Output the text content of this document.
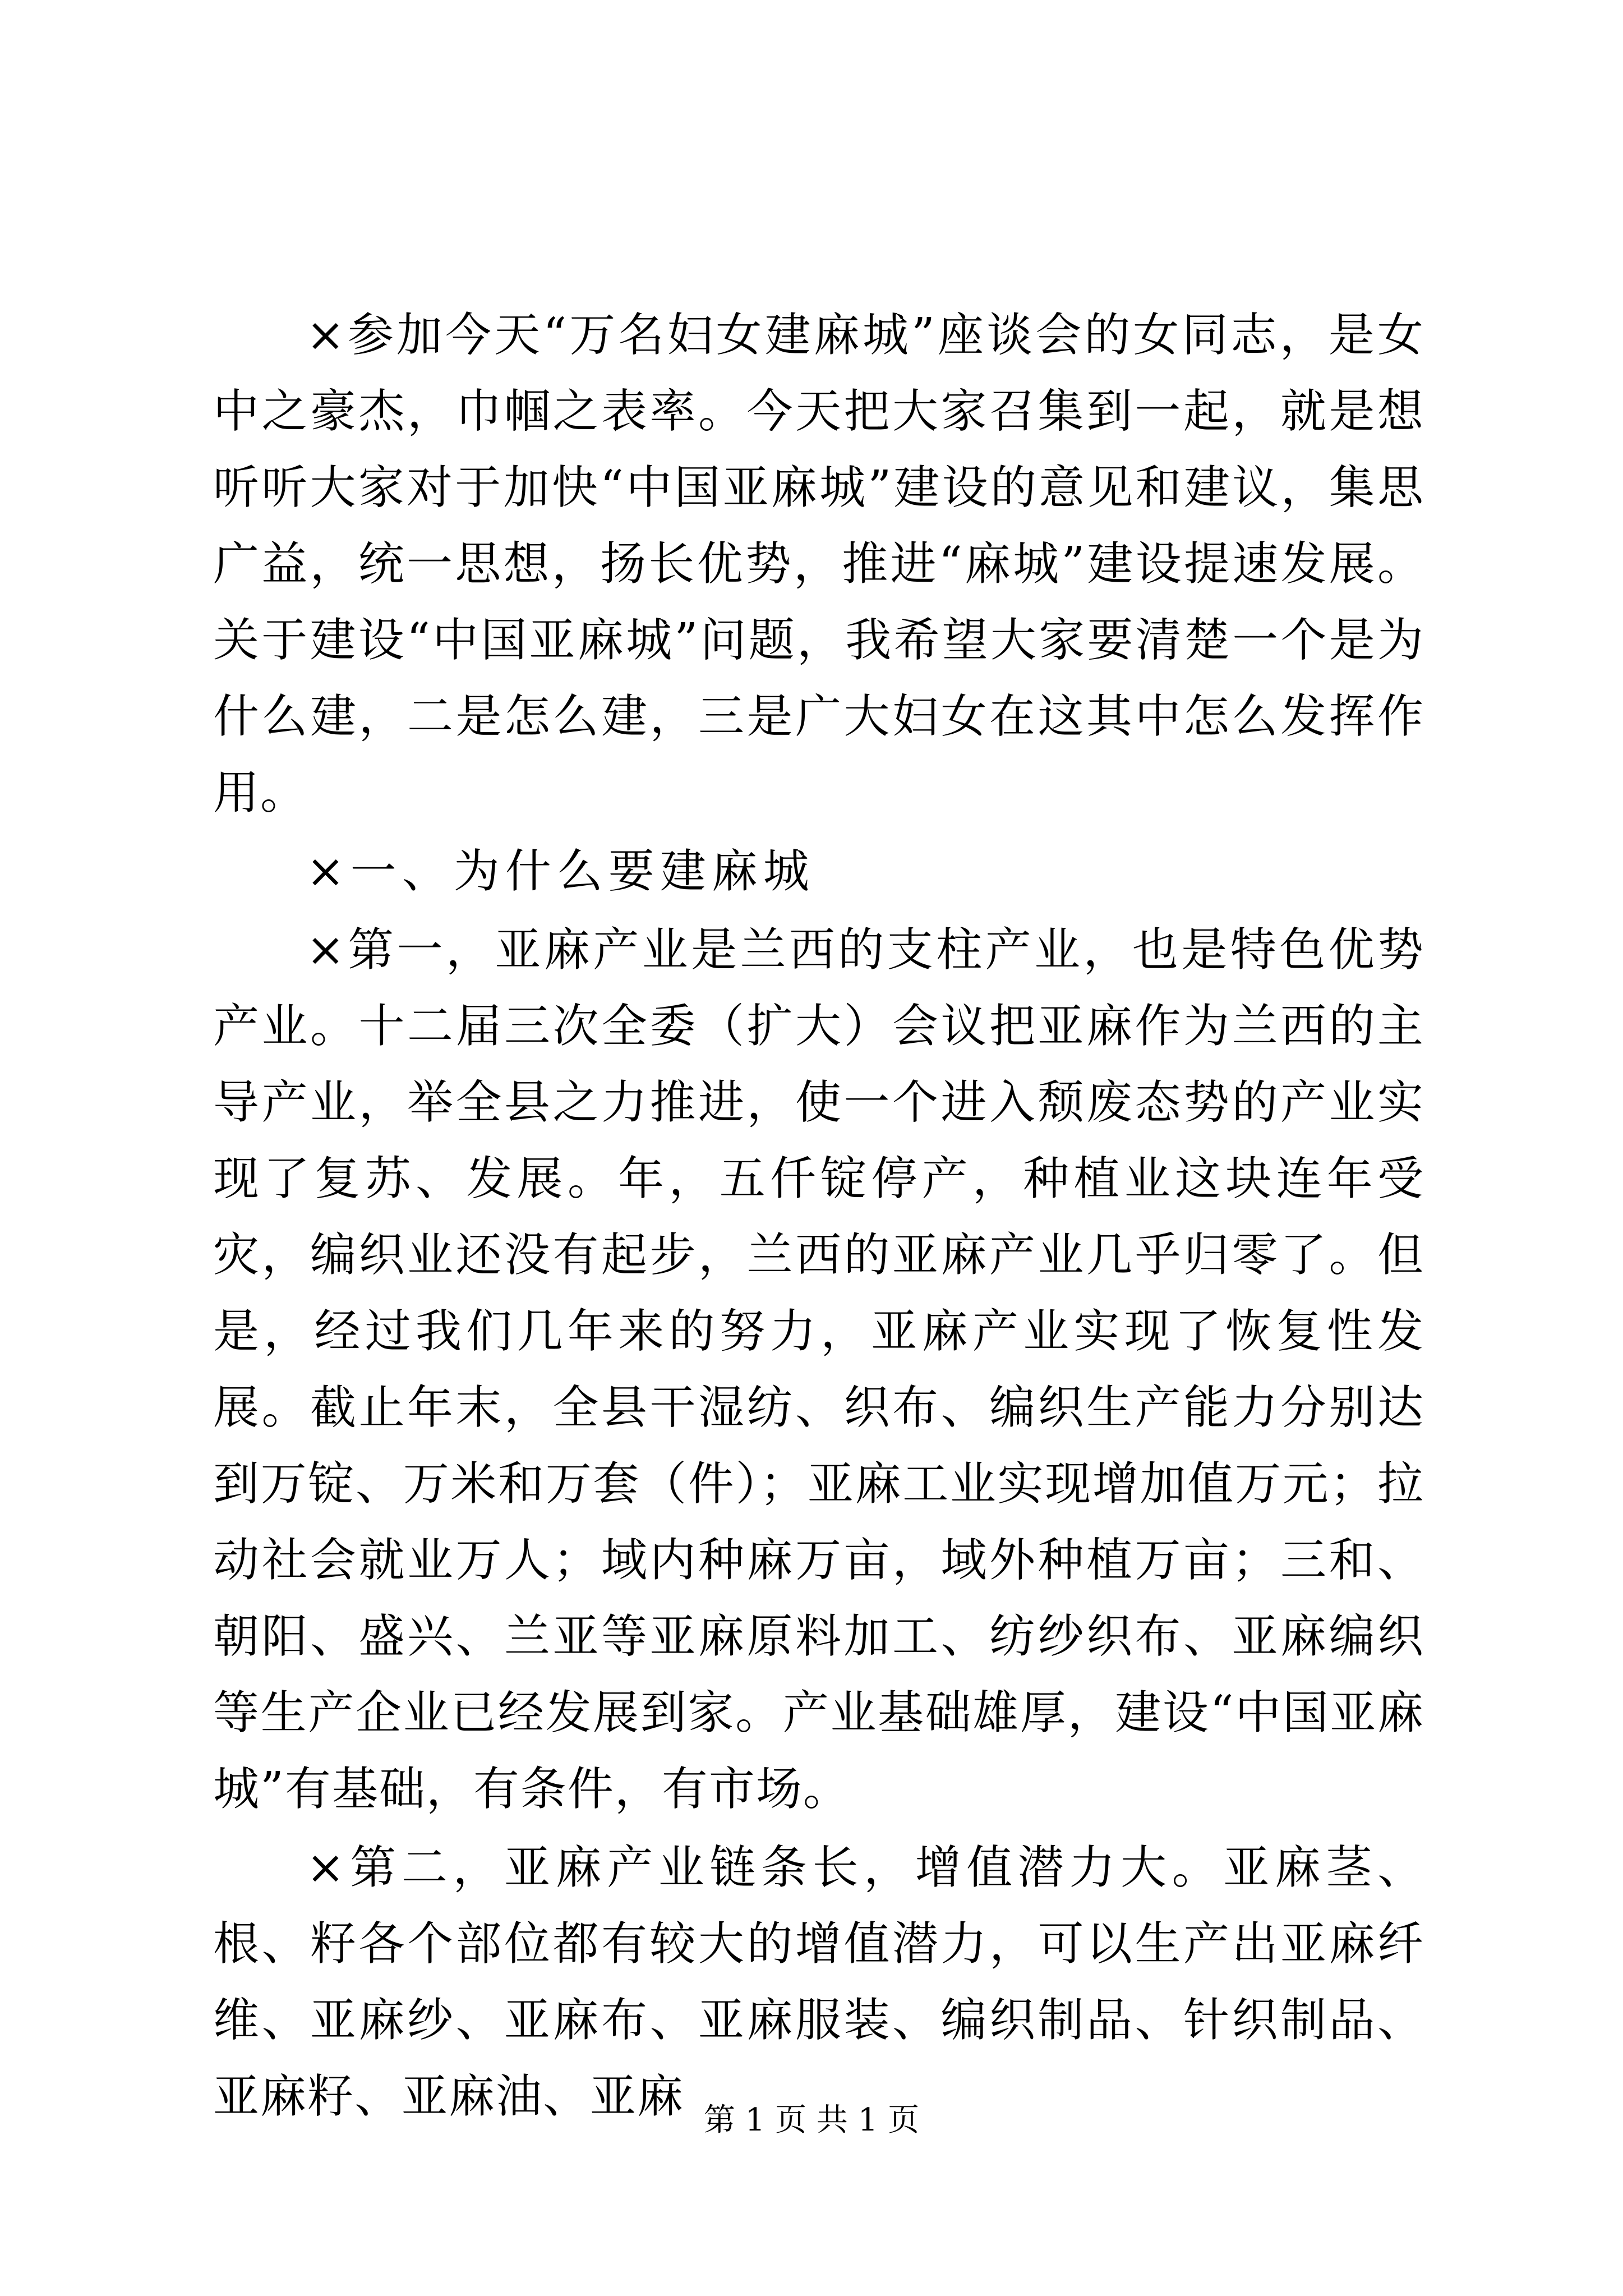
×参加今天“万名妇女建麻城”座谈会的女同志，是女中之豪杰，巾帼之表率。今天把大家召集到一起，就是想听听大家对于加快“中国亚麻城”建设的意见和建议，集思广益，统一思想，扬长优势，推进“麻城”建设提速发展。关于建设“中国亚麻城”问题，我希望大家要清楚一个是为什么建，二是怎么建，三是广大妇女在这其中怎么发挥作用。

×一、为什么要建麻城

×第一，亚麻产业是兰西的支柱产业，也是特色优势产业。十二届三次全委（扩大）会议把亚麻作为兰西的主导产业，举全县之力推进，使一个进入颓废态势的产业实现了复苏、发展。年，五仟锭停产，种植业这块连年受灾，编织业还没有起步，兰西的亚麻产业几乎归零了。但是，经过我们几年来的努力，亚麻产业实现了恢复性发展。截止年末，全县干湿纺、织布、编织生产能力分别达到万锭、万米和万套（件）；亚麻工业实现增加值万元；拉动社会就业万人；域内种麻万亩，域外种植万亩；三和、朝阳、盛兴、兰亚等亚麻原料加工、纺纱织布、亚麻编织等生产企业已经发展到家。产业基础雄厚，建设“中国亚麻城”有基础，有条件，有市场。

×第二，亚麻产业链条长，增值潜力大。亚麻茎、根、籽各个部位都有较大的增值潜力，可以生产出亚麻纤维、亚麻纱、亚麻布、亚麻服装、编织制品、针织制品、亚麻籽、亚麻油、亚麻 第 1 页 共 1 页
